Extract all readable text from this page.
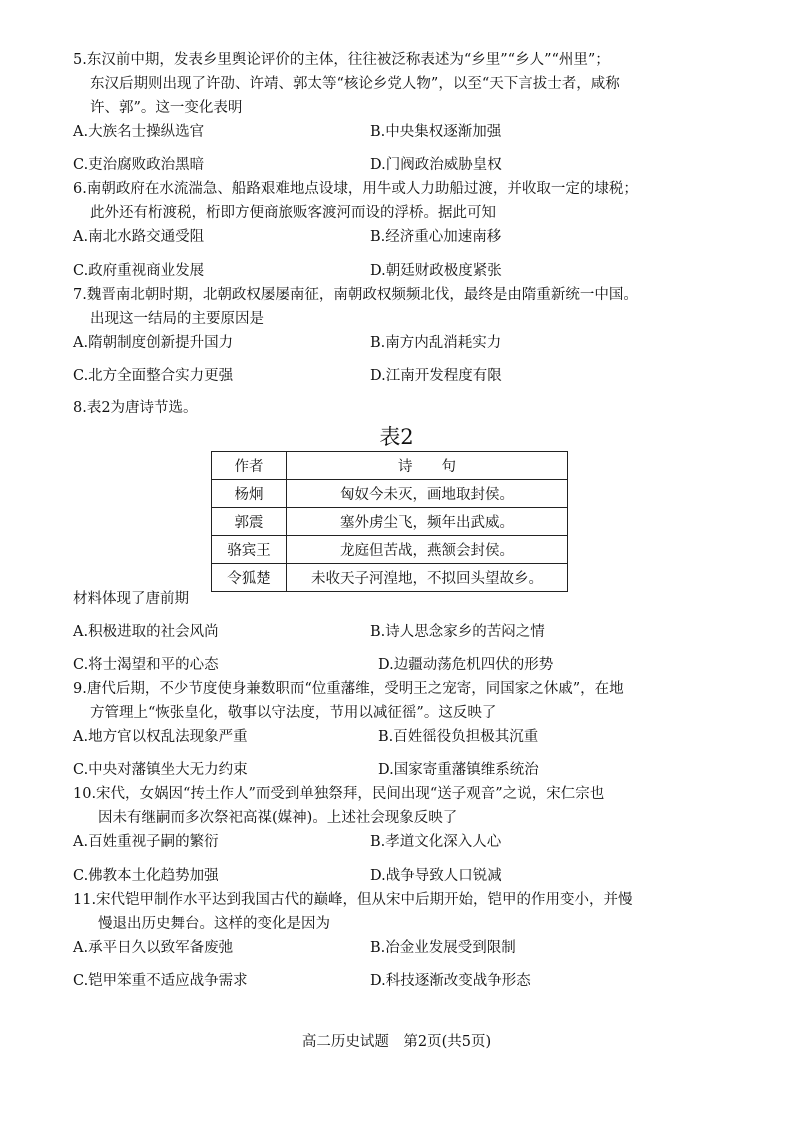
5.东汉前中期，发表乡里舆论评价的主体，往往被泛称表述为“乡里”“乡人”“州里”；
东汉后期则出现了许劭、许靖、郭太等“核论乡党人物”，以至“天下言拔士者，咸称
许、郭”。这一变化表明
A.大族名士操纵选官	B.中央集权逐渐加强
C.吏治腐败政治黑暗	D.门阀政治威胁皇权
6.南朝政府在水流湍急、船路艰难地点设埭，用牛或人力助船过渡，并收取一定的埭税；
此外还有桁渡税，桁即方便商旅贩客渡河而设的浮桥。据此可知
A.南北水路交通受阻	B.经济重心加速南移
C.政府重视商业发展	D.朝廷财政极度紧张
7.魏晋南北朝时期，北朝政权屡屡南征，南朝政权频频北伐，最终是由隋重新统一中国。
出现这一结局的主要原因是
A.隋朝制度创新提升国力	B.南方内乱消耗实力
C.北方全面整合实力更强	D.江南开发程度有限
8.表2为唐诗节选。
表2
作者	诗　　句
杨炯	匈奴今未灭，画地取封侯。
郭震	塞外虏尘飞，频年出武威。
骆宾王	龙庭但苦战，燕颔会封侯。
令狐楚	未收天子河湟地，不拟回头望故乡。
材料体现了唐前期
A.积极进取的社会风尚	B.诗人思念家乡的苦闷之情
C.将士渴望和平的心态	D.边疆动荡危机四伏的形势
9.唐代后期，不少节度使身兼数职而“位重藩维，受明王之宠寄，同国家之休戚”，在地
方管理上“恢张皇化，敬事以守法度，节用以减征徭”。这反映了
A.地方官以权乱法现象严重	B.百姓徭役负担极其沉重
C.中央对藩镇坐大无力约束	D.国家寄重藩镇维系统治
10.宋代，女娲因“抟土作人”而受到单独祭拜，民间出现“送子观音”之说，宋仁宗也
因未有继嗣而多次祭祀高禖(媒神)。上述社会现象反映了
A.百姓重视子嗣的繁衍	B.孝道文化深入人心
C.佛教本土化趋势加强	D.战争导致人口锐减
11.宋代铠甲制作水平达到我国古代的巅峰，但从宋中后期开始，铠甲的作用变小，并慢
慢退出历史舞台。这样的变化是因为
A.承平日久以致军备废弛	B.冶金业发展受到限制
C.铠甲笨重不适应战争需求	D.科技逐渐改变战争形态
高二历史试题　第2页(共5页)
